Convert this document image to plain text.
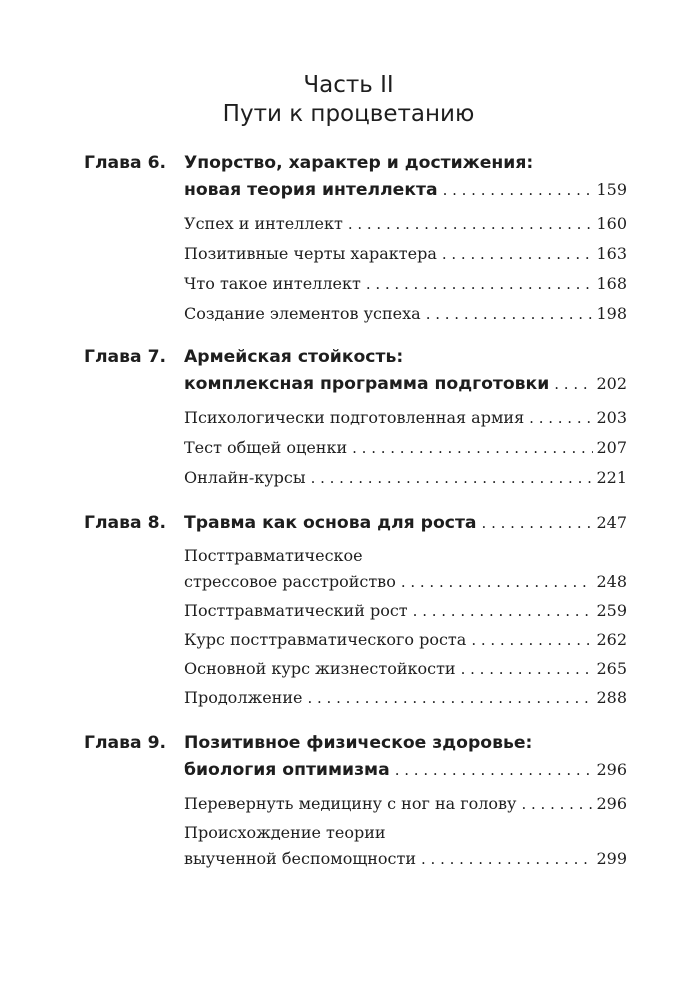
Часть II
Пути к процветанию
Глава 6. Упорство, характер и достижения:
новая теория интеллекта . . .	159
Успех и интеллект . . .	160
Позитивные черты характера . . .	163
Что такое интеллект . . .	168
Создание элементов успеха . . .	198
Глава 7. Армейская стойкость:
комплексная программа подготовки . . .	202
Психологически подготовленная армия . . .	203
Тест общей оценки . . .	207
Онлайн-курсы . . .	221
Глава 8. Травма как основа для роста . . .	247
Посттравматическое
стрессовое расстройство . . .	248
Посттравматический рост . . .	259
Курс посттравматического роста . . .	262
Основной курс жизнестойкости . . .	265
Продолжение . . .	288
Глава 9. Позитивное физическое здоровье:
биология оптимизма . . .	296
Перевернуть медицину с ног на голову . . .	296
Происхождение теории
выученной беспомощности . . .	299
